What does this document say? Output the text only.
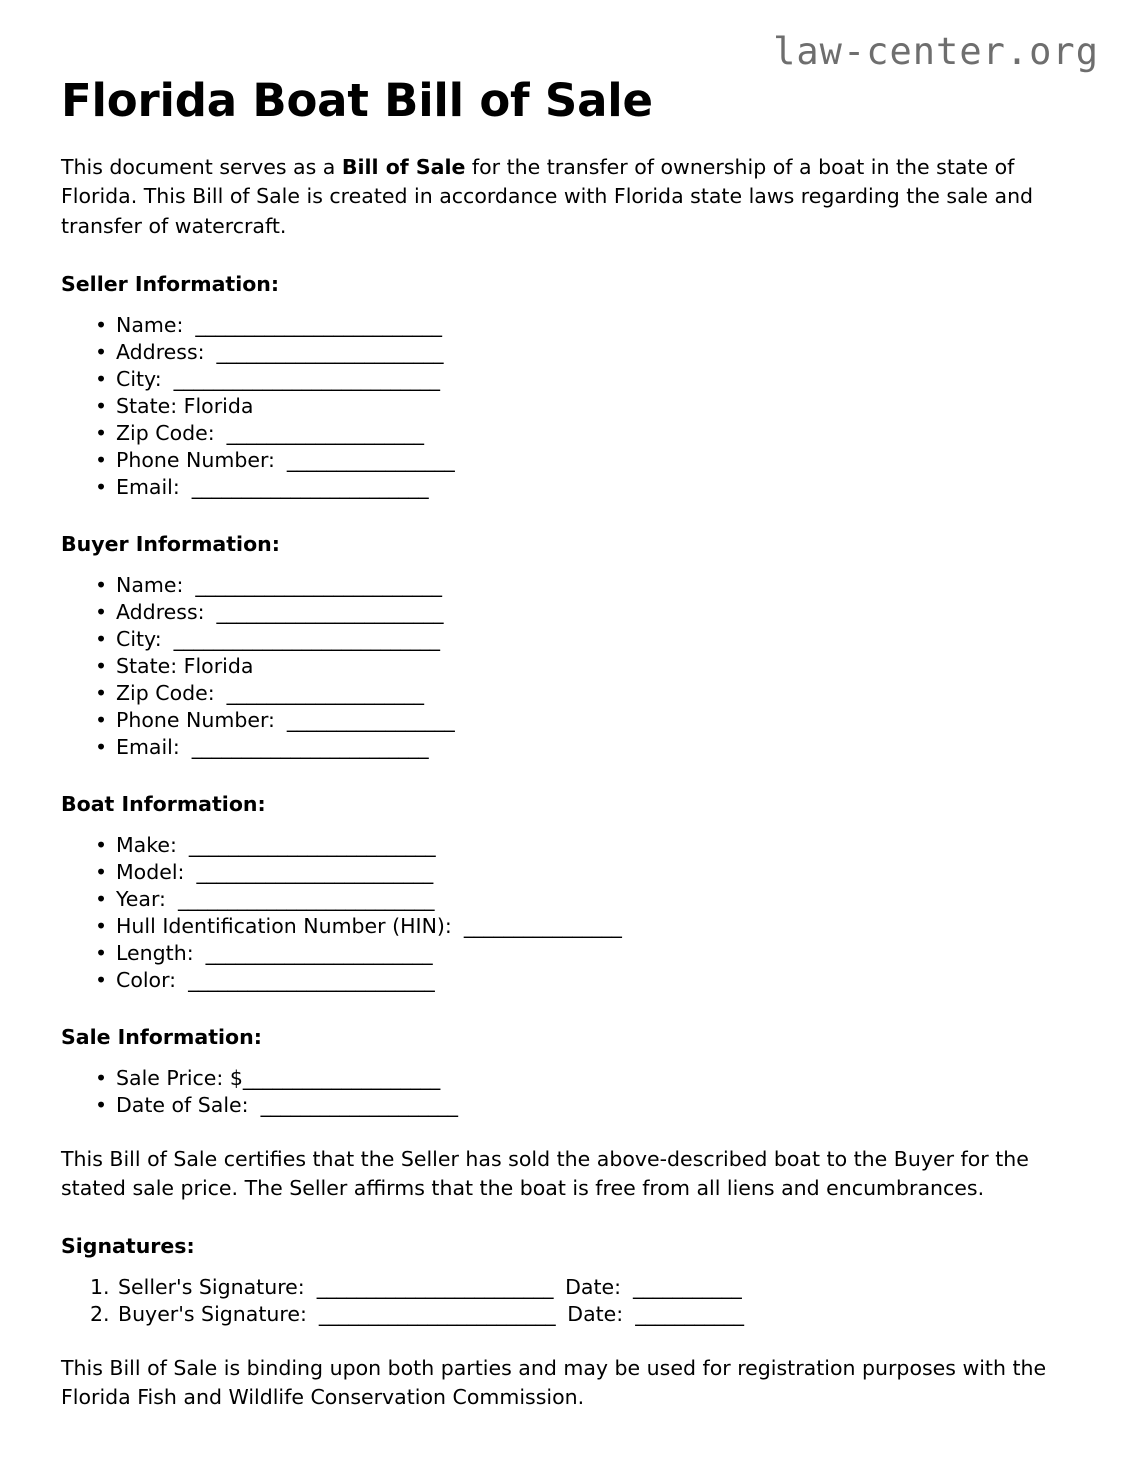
law-center.org
Florida Boat Bill of Sale

This document serves as a Bill of Sale for the transfer of ownership of a boat in the state of Florida. This Bill of Sale is created in accordance with Florida state laws regarding the sale and transfer of watercraft.

Seller Information:
• Name: _________________________
• Address: _______________________
• City: ___________________________
• State: Florida
• Zip Code: ____________________
• Phone Number: _________________
• Email: ________________________
Buyer Information:
• Name: _________________________
• Address: _______________________
• City: ___________________________
• State: Florida
• Zip Code: ____________________
• Phone Number: _________________
• Email: ________________________
Boat Information:
• Make: _________________________
• Model: ________________________
• Year: __________________________
• Hull Identification Number (HIN): ________________
• Length: _______________________
• Color: _________________________
Sale Information:
• Sale Price: $____________________
• Date of Sale: ____________________

This Bill of Sale certifies that the Seller has sold the above-described boat to the Buyer for the stated sale price. The Seller affirms that the boat is free from all liens and encumbrances.

Signatures:
Seller's Signature: ________________________ Date: ___________
Buyer's Signature: ________________________ Date: ___________

This Bill of Sale is binding upon both parties and may be used for registration purposes with the Florida Fish and Wildlife Conservation Commission.
